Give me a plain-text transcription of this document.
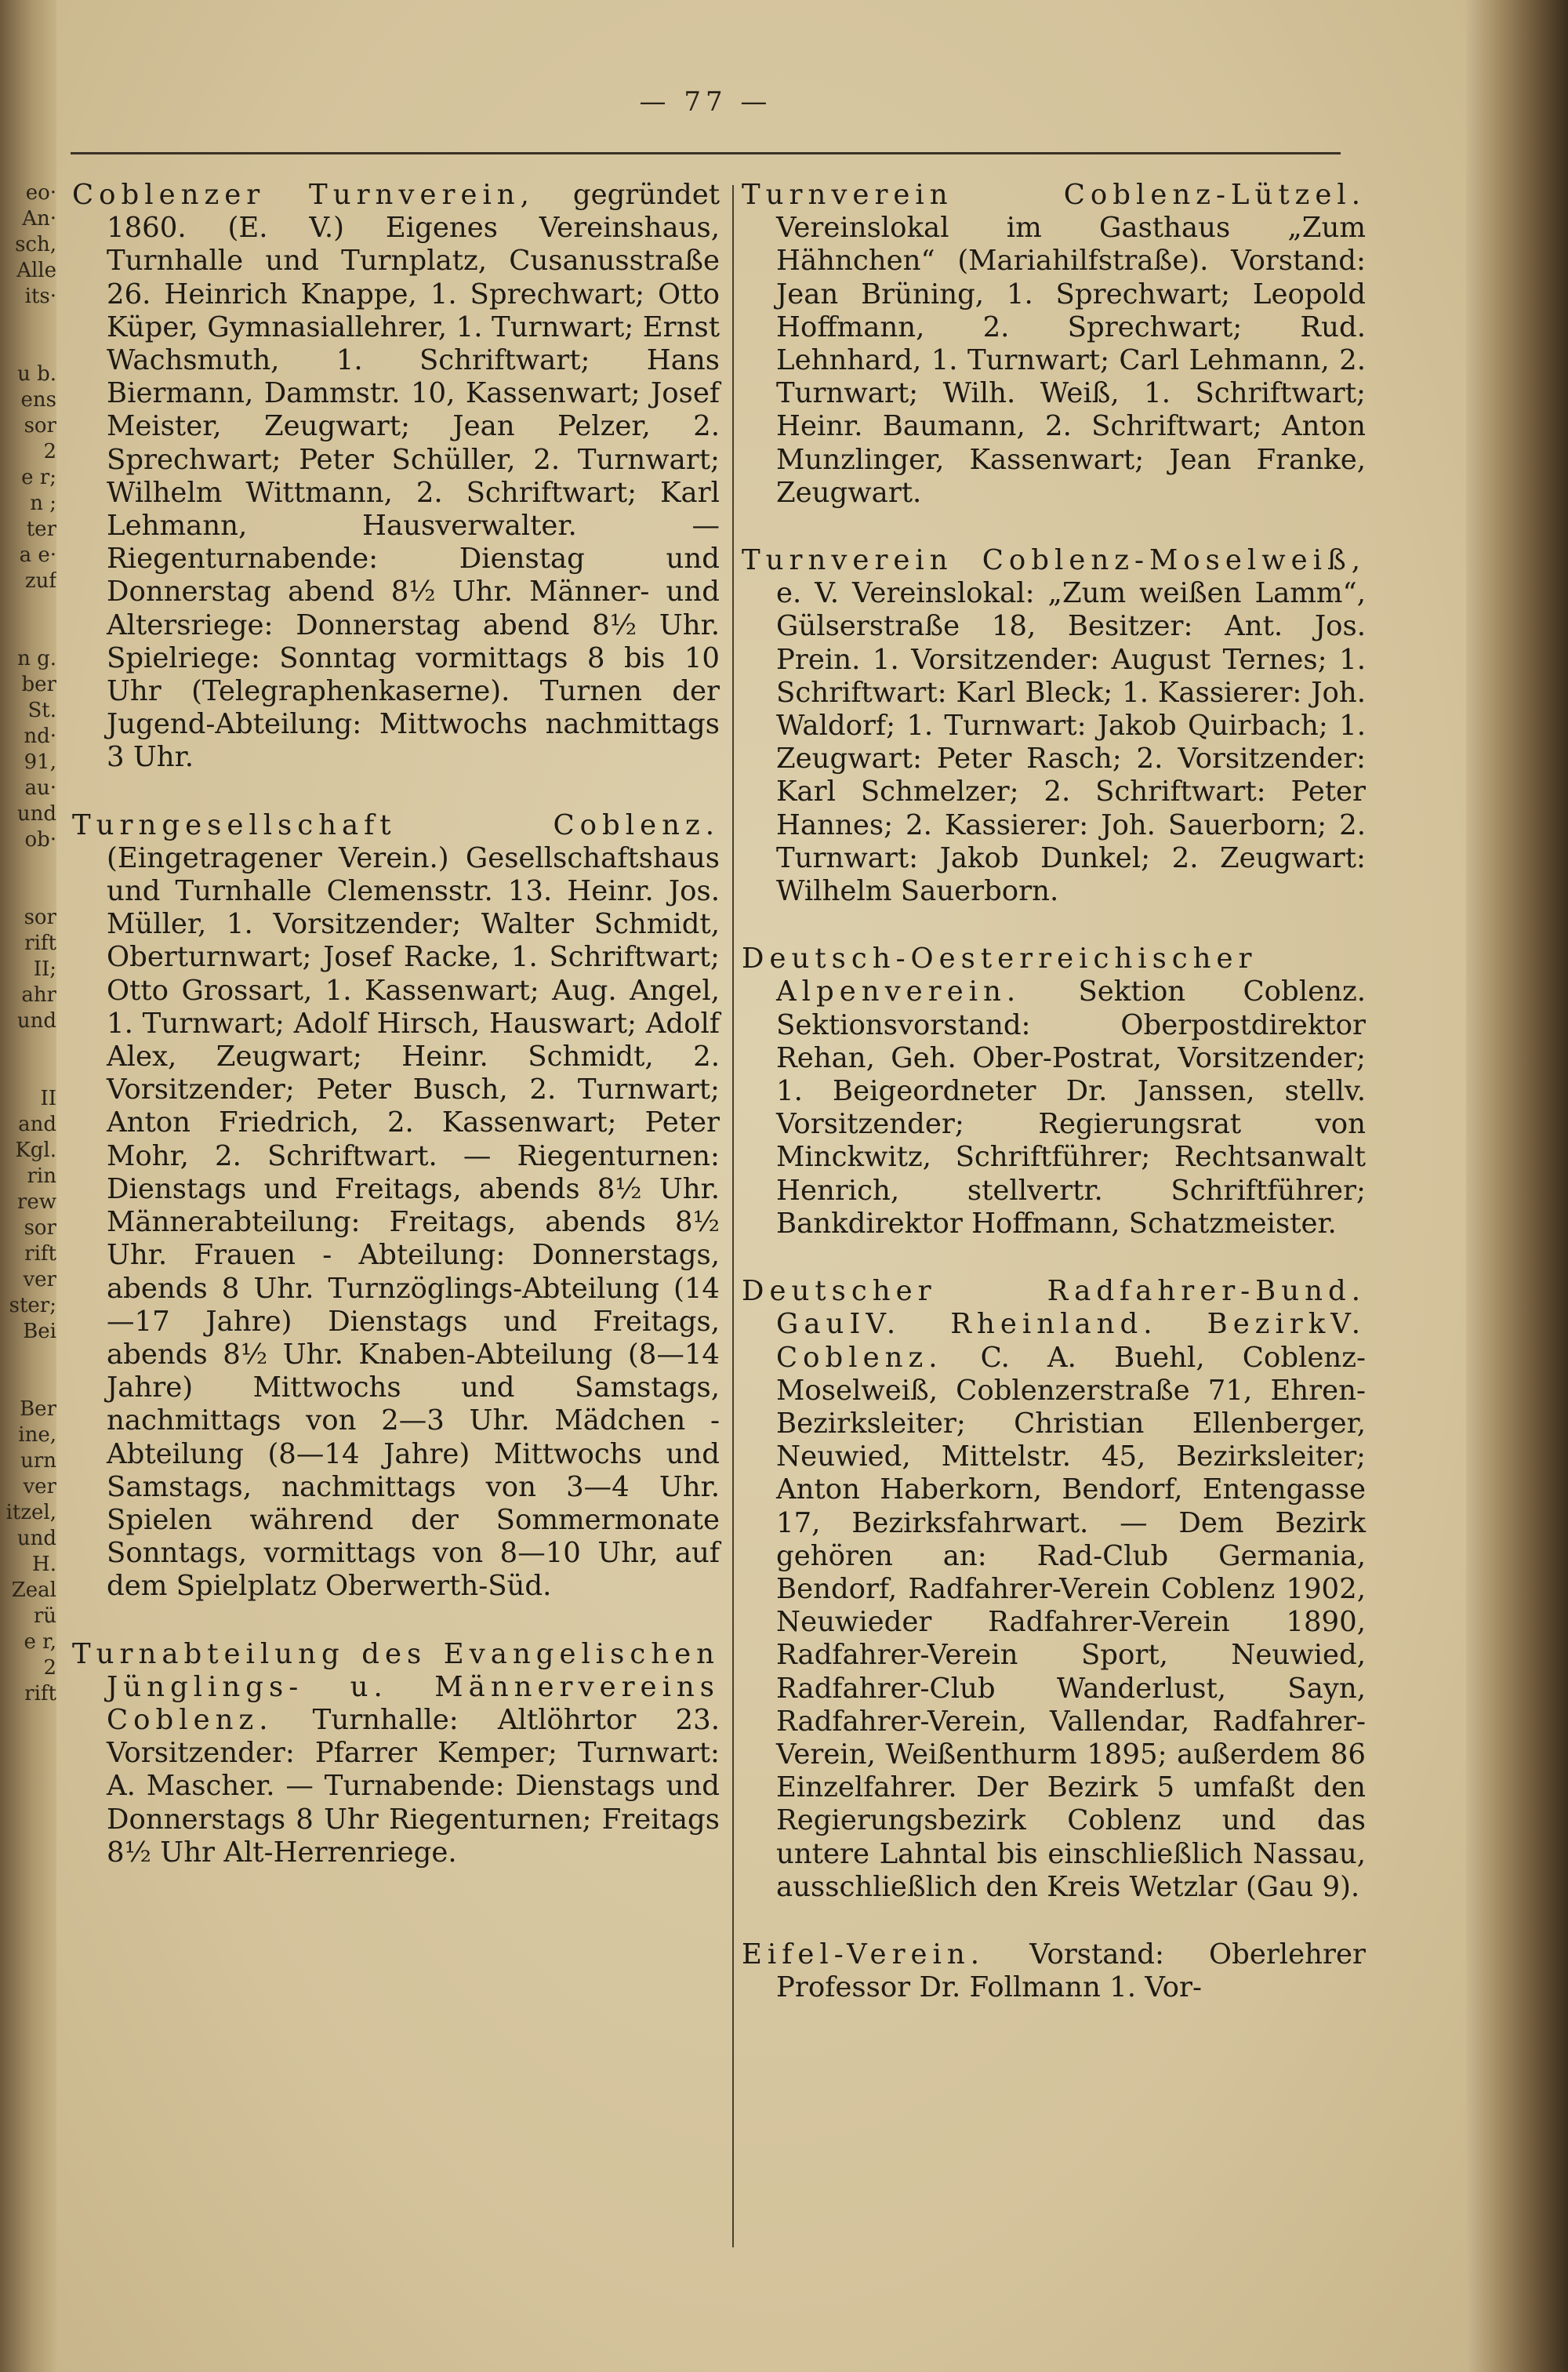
eo·
An·
sch,
Alle
its·

u b.
ens
sor
2
e r;
n ;
ter
a e·
zuf

n g.
ber
St.
nd·
91,
au·
und
ob·

sor
rift
II;
ahr
und

II
and
Kgl.
rin
rew
sor
rift
ver
ster;
Bei

Ber
ine,
urn
ver
itzel,
und
H.
Zeal
rü
e r,
2
rift
— 77 —

Coblenzer Turnverein, gegründet 1860. (E. V.) Eigenes Vereinshaus, Turnhalle und Turnplatz, Cusanusstraße 26. Heinrich Knappe, 1. Sprechwart; Otto Küper, Gymnasiallehrer, 1. Turnwart; Ernst Wachsmuth, 1. Schriftwart; Hans Biermann, Dammstr. 10, Kassenwart; Josef Meister, Zeugwart; Jean Pelzer, 2. Sprechwart; Peter Schüller, 2. Turnwart; Wilhelm Wittmann, 2. Schriftwart; Karl Lehmann, Hausverwalter. — Riegenturnabende: Dienstag und Donnerstag abend 8½ Uhr. Männer- und Altersriege: Donnerstag abend 8½ Uhr. Spielriege: Sonntag vormittags 8 bis 10 Uhr (Telegraphenkaserne). Turnen der Jugend-Abteilung: Mittwochs nachmittags 3 Uhr.

Turngesellschaft Coblenz. (Eingetragener Verein.) Gesellschaftshaus und Turnhalle Clemensstr. 13. Heinr. Jos. Müller, 1. Vorsitzender; Walter Schmidt, Oberturnwart; Josef Racke, 1. Schriftwart; Otto Grossart, 1. Kassenwart; Aug. Angel, 1. Turnwart; Adolf Hirsch, Hauswart; Adolf Alex, Zeugwart; Heinr. Schmidt, 2. Vorsitzender; Peter Busch, 2. Turnwart; Anton Friedrich, 2. Kassenwart; Peter Mohr, 2. Schriftwart. — Riegenturnen: Dienstags und Freitags, abends 8½ Uhr. Männerabteilung: Freitags, abends 8½ Uhr. Frauen - Abteilung: Donnerstags, abends 8 Uhr. Turnzöglings-Abteilung (14—17 Jahre) Dienstags und Freitags, abends 8½ Uhr. Knaben-Abteilung (8—14 Jahre) Mittwochs und Samstags, nachmittags von 2—3 Uhr. Mädchen - Abteilung (8—14 Jahre) Mittwochs und Samstags, nachmittags von 3—4 Uhr. Spielen während der Sommermonate Sonntags, vormittags von 8—10 Uhr, auf dem Spielplatz Oberwerth-Süd.

Turnabteilung des Evangelischen Jünglings- u. Männervereins Coblenz. Turnhalle: Altlöhrtor 23. Vorsitzender: Pfarrer Kemper; Turnwart: A. Mascher. — Turnabende: Dienstags und Donnerstags 8 Uhr Riegenturnen; Freitags 8½ Uhr Alt-Herrenriege.

Turnverein Coblenz-Lützel. Vereinslokal im Gasthaus „Zum Hähnchen“ (Mariahilfstraße). Vorstand: Jean Brüning, 1. Sprechwart; Leopold Hoffmann, 2. Sprechwart; Rud. Lehnhard, 1. Turnwart; Carl Lehmann, 2. Turnwart; Wilh. Weiß, 1. Schriftwart; Heinr. Baumann, 2. Schriftwart; Anton Munzlinger, Kassenwart; Jean Franke, Zeugwart.

Turnverein Coblenz-Moselweiß, e. V. Vereinslokal: „Zum weißen Lamm“, Gülserstraße 18, Besitzer: Ant. Jos. Prein. 1. Vorsitzender: August Ternes; 1. Schriftwart: Karl Bleck; 1. Kassierer: Joh. Waldorf; 1. Turnwart: Jakob Quirbach; 1. Zeugwart: Peter Rasch; 2. Vorsitzender: Karl Schmelzer; 2. Schriftwart: Peter Hannes; 2. Kassierer: Joh. Sauerborn; 2. Turnwart: Jakob Dunkel; 2. Zeugwart: Wilhelm Sauerborn.

Deutsch-Oesterreichischer Alpenverein. Sektion Coblenz. Sektionsvorstand: Oberpostdirektor Rehan, Geh. Ober-Postrat, Vorsitzender; 1. Beigeordneter Dr. Janssen, stellv. Vorsitzender; Regierungsrat von Minckwitz, Schriftführer; Rechtsanwalt Henrich, stellvertr. Schriftführer; Bankdirektor Hoffmann, Schatzmeister.

Deutscher Radfahrer-Bund. GauIV. Rheinland. BezirkV. Coblenz. C. A. Buehl, Coblenz-Moselweiß, Coblenzerstraße 71, Ehren-Bezirksleiter; Christian Ellenberger, Neuwied, Mittelstr. 45, Bezirksleiter; Anton Haberkorn, Bendorf, Entengasse 17, Bezirksfahrwart. — Dem Bezirk gehören an: Rad-Club Germania, Bendorf, Radfahrer-Verein Coblenz 1902, Neuwieder Radfahrer-Verein 1890, Radfahrer-Verein Sport, Neuwied, Radfahrer-Club Wanderlust, Sayn, Radfahrer-Verein, Vallendar, Radfahrer-Verein, Weißenthurm 1895; außerdem 86 Einzelfahrer. Der Bezirk 5 umfaßt den Regierungsbezirk Coblenz und das untere Lahntal bis einschließlich Nassau, ausschließlich den Kreis Wetzlar (Gau 9).

Eifel-Verein. Vorstand: Oberlehrer Professor Dr. Follmann 1. Vor-
